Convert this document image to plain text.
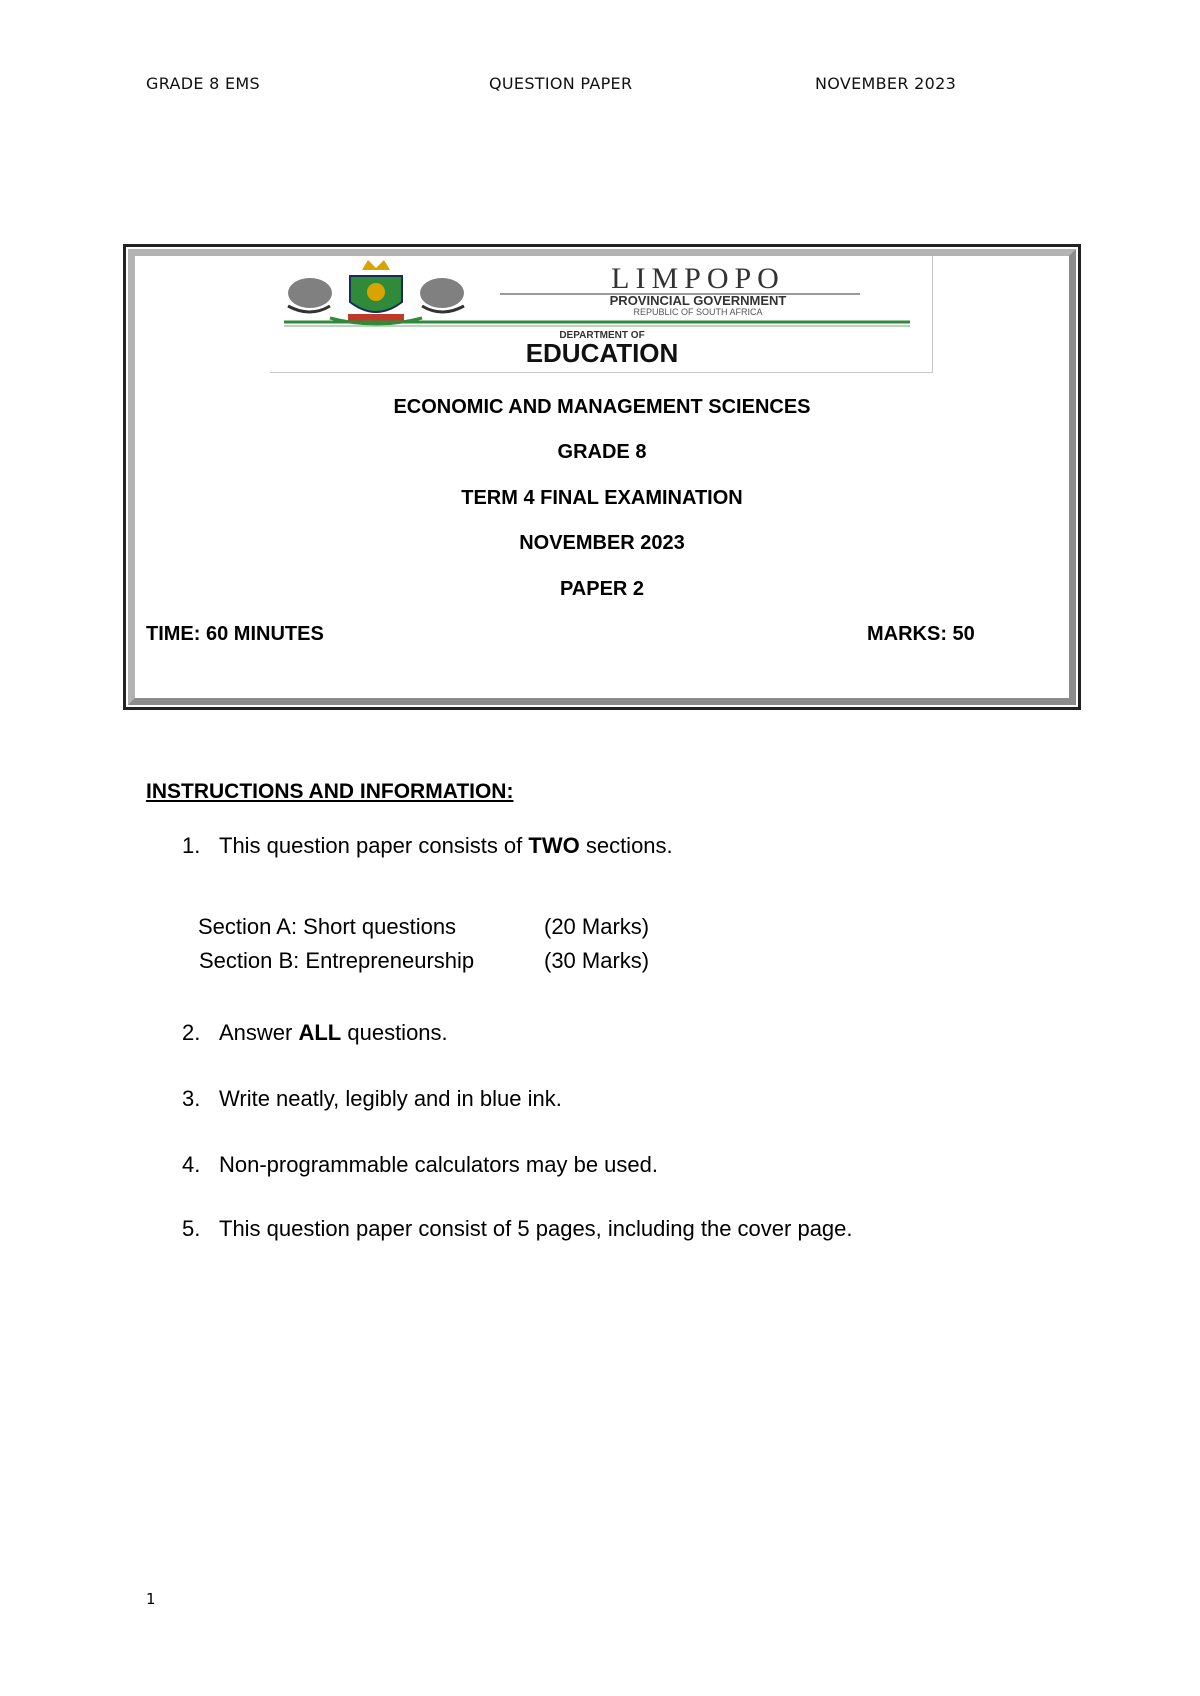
GRADE 8 EMS	QUESTION PAPER	NOVEMBER 2023
LIMPOPO
PROVINCIAL GOVERNMENT
REPUBLIC OF SOUTH AFRICA
DEPARTMENT OF
EDUCATION
ECONOMIC AND MANAGEMENT SCIENCES
GRADE 8
TERM 4 FINAL EXAMINATION
NOVEMBER 2023
PAPER 2
TIME: 60 MINUTES	MARKS: 50
INSTRUCTIONS AND INFORMATION:
1. This question paper consists of TWO sections.
Section A: Short questions	(20 Marks)
Section B: Entrepreneurship	(30 Marks)
2. Answer ALL questions.
3. Write neatly, legibly and in blue ink.
4. Non-programmable calculators may be used.
5. This question paper consist of 5 pages, including the cover page.
1
